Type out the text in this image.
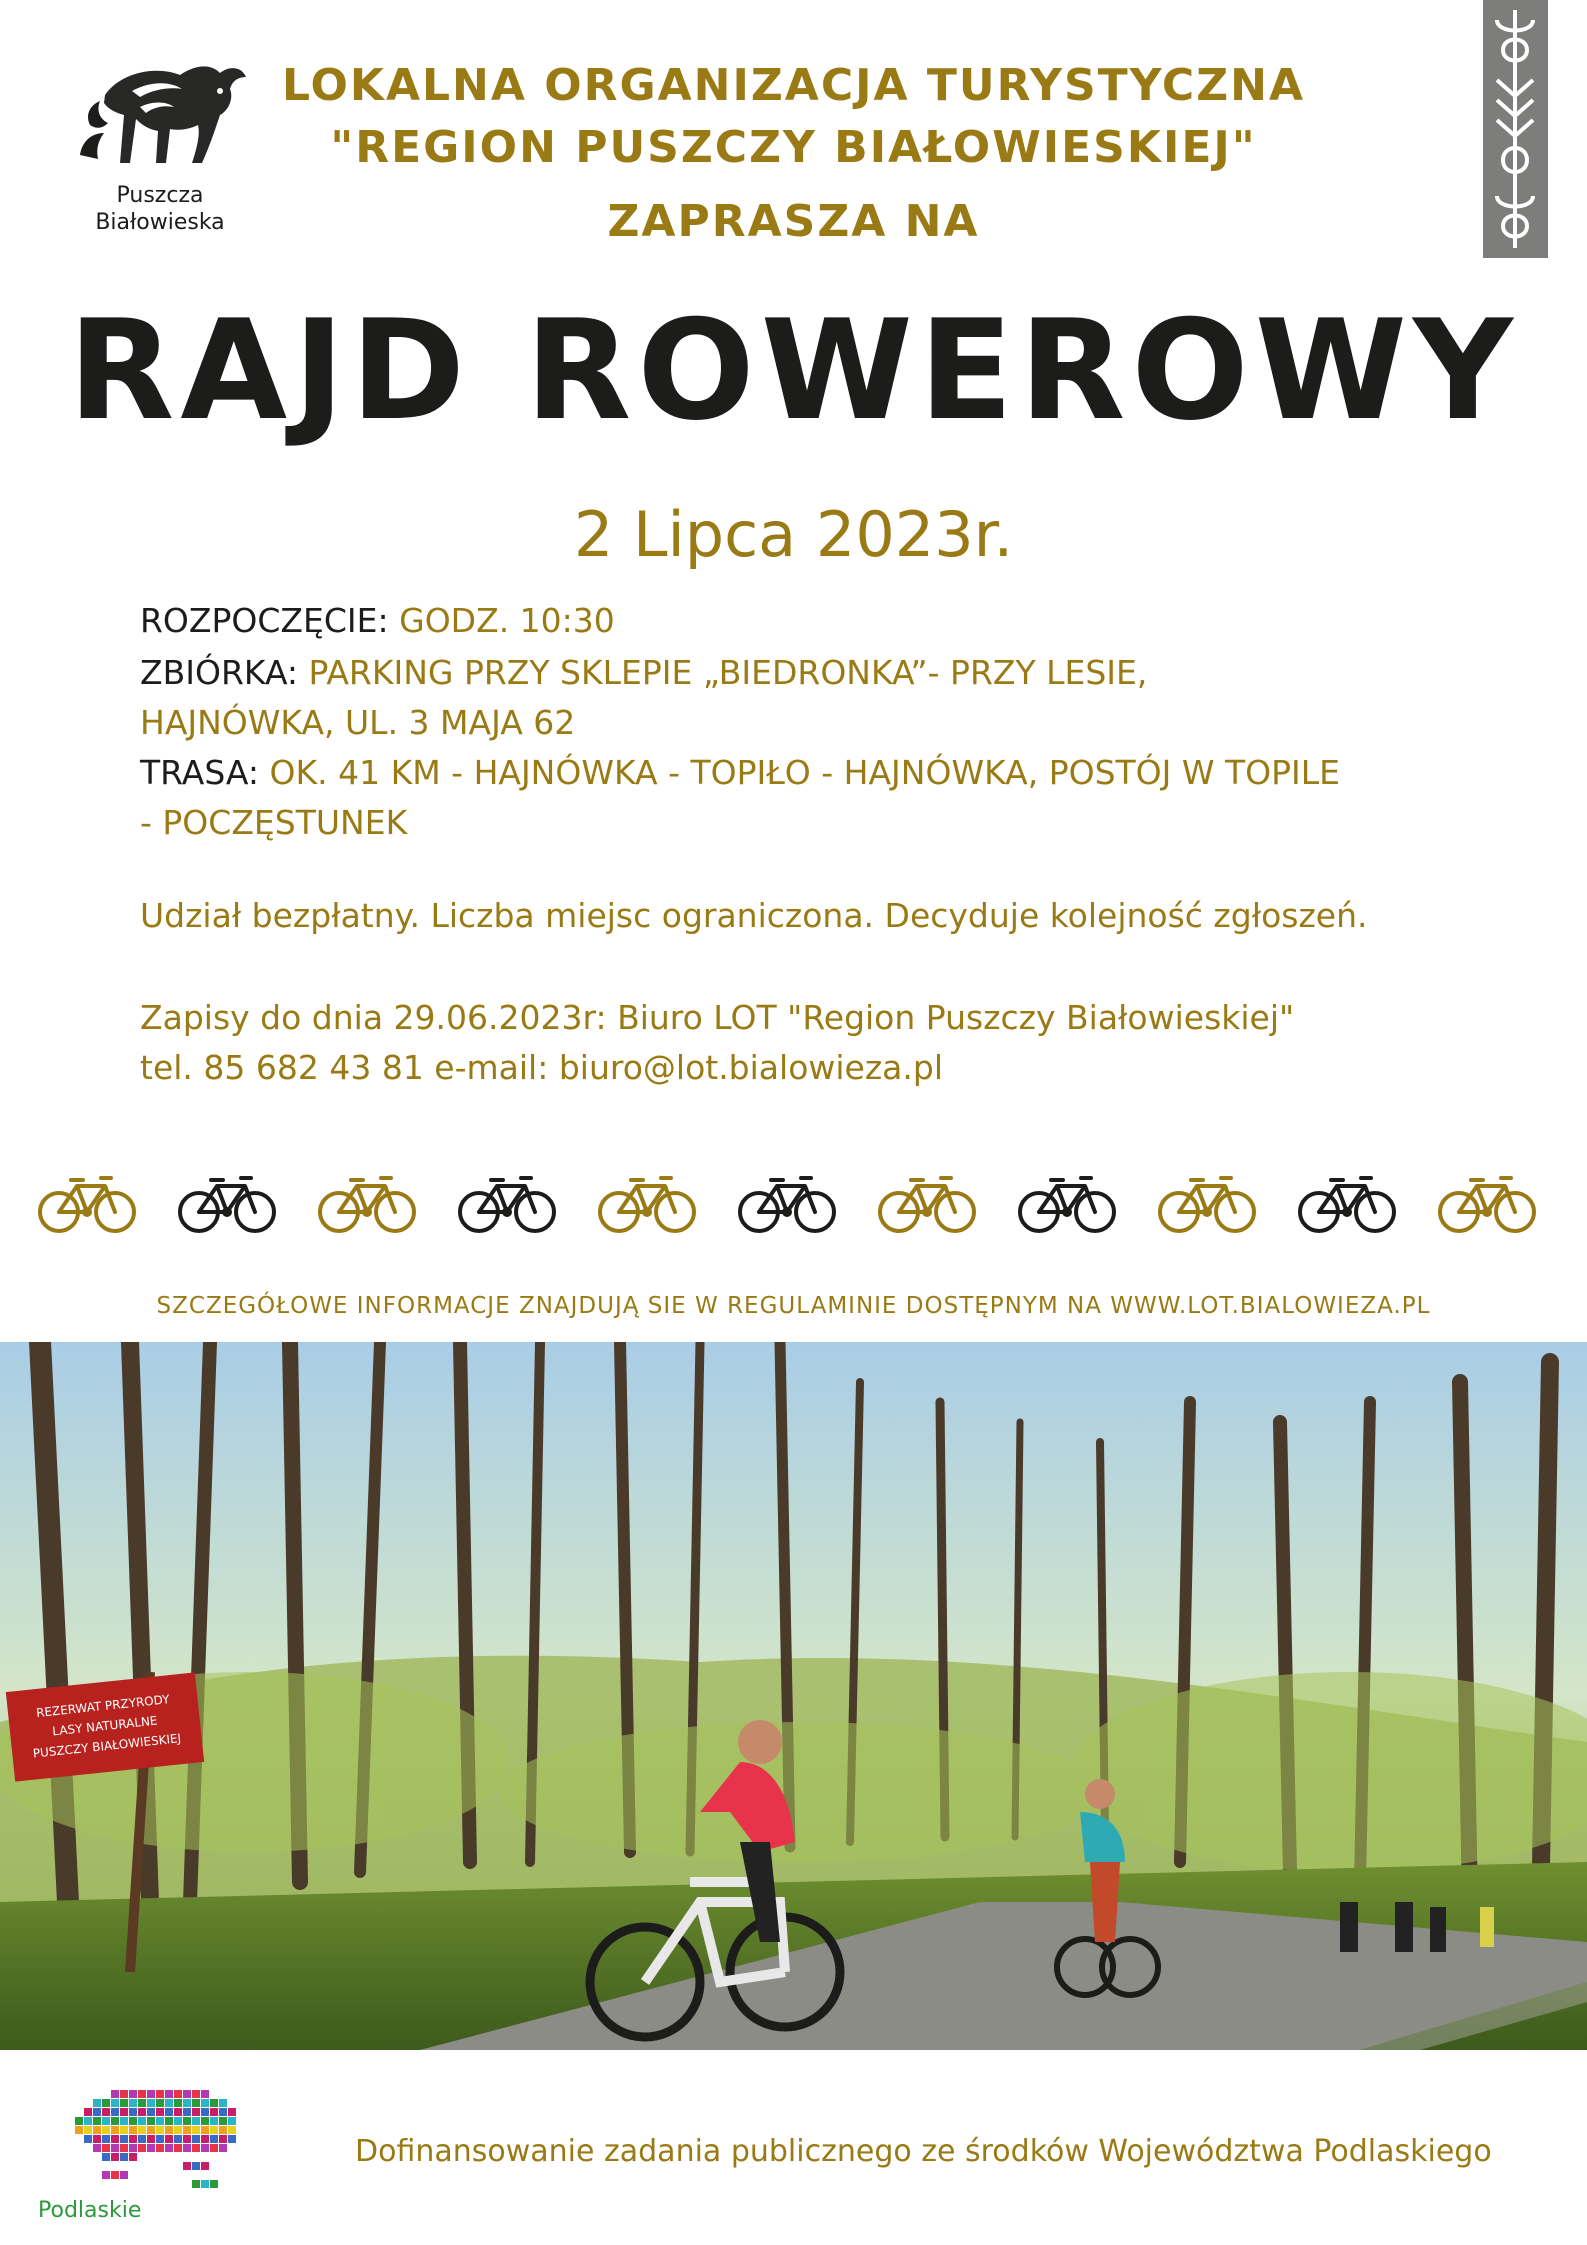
Puszcza
Białowieska
LOKALNA ORGANIZACJA TURYSTYCZNA
"REGION PUSZCZY BIAŁOWIESKIEJ"
ZAPRASZA NA
RAJD ROWEROWY
2 Lipca 2023r.
ROZPOCZĘCIE: GODZ. 10:30
ZBIÓRKA: PARKING PRZY SKLEPIE „BIEDRONKA”- PRZY LESIE,
HAJNÓWKA, UL. 3 MAJA 62
TRASA: OK. 41 KM - HAJNÓWKA - TOPIŁO - HAJNÓWKA, POSTÓJ W TOPILE
- POCZĘSTUNEK
Udział bezpłatny. Liczba miejsc ograniczona. Decyduje kolejność zgłoszeń.
Zapisy do dnia 29.06.2023r: Biuro LOT "Region Puszczy Białowieskiej"
tel. 85 682 43 81 e-mail: biuro@lot.bialowieza.pl
SZCZEGÓŁOWE INFORMACJE ZNAJDUJĄ SIE W REGULAMINIE DOSTĘPNYM NA WWW.LOT.BIALOWIEZA.PL
REZERWAT PRZYRODY
LASY NATURALNE
PUSZCZY BIAŁOWIESKIEJ
Podlaskie
Dofinansowanie zadania publicznego ze środków Województwa Podlaskiego
